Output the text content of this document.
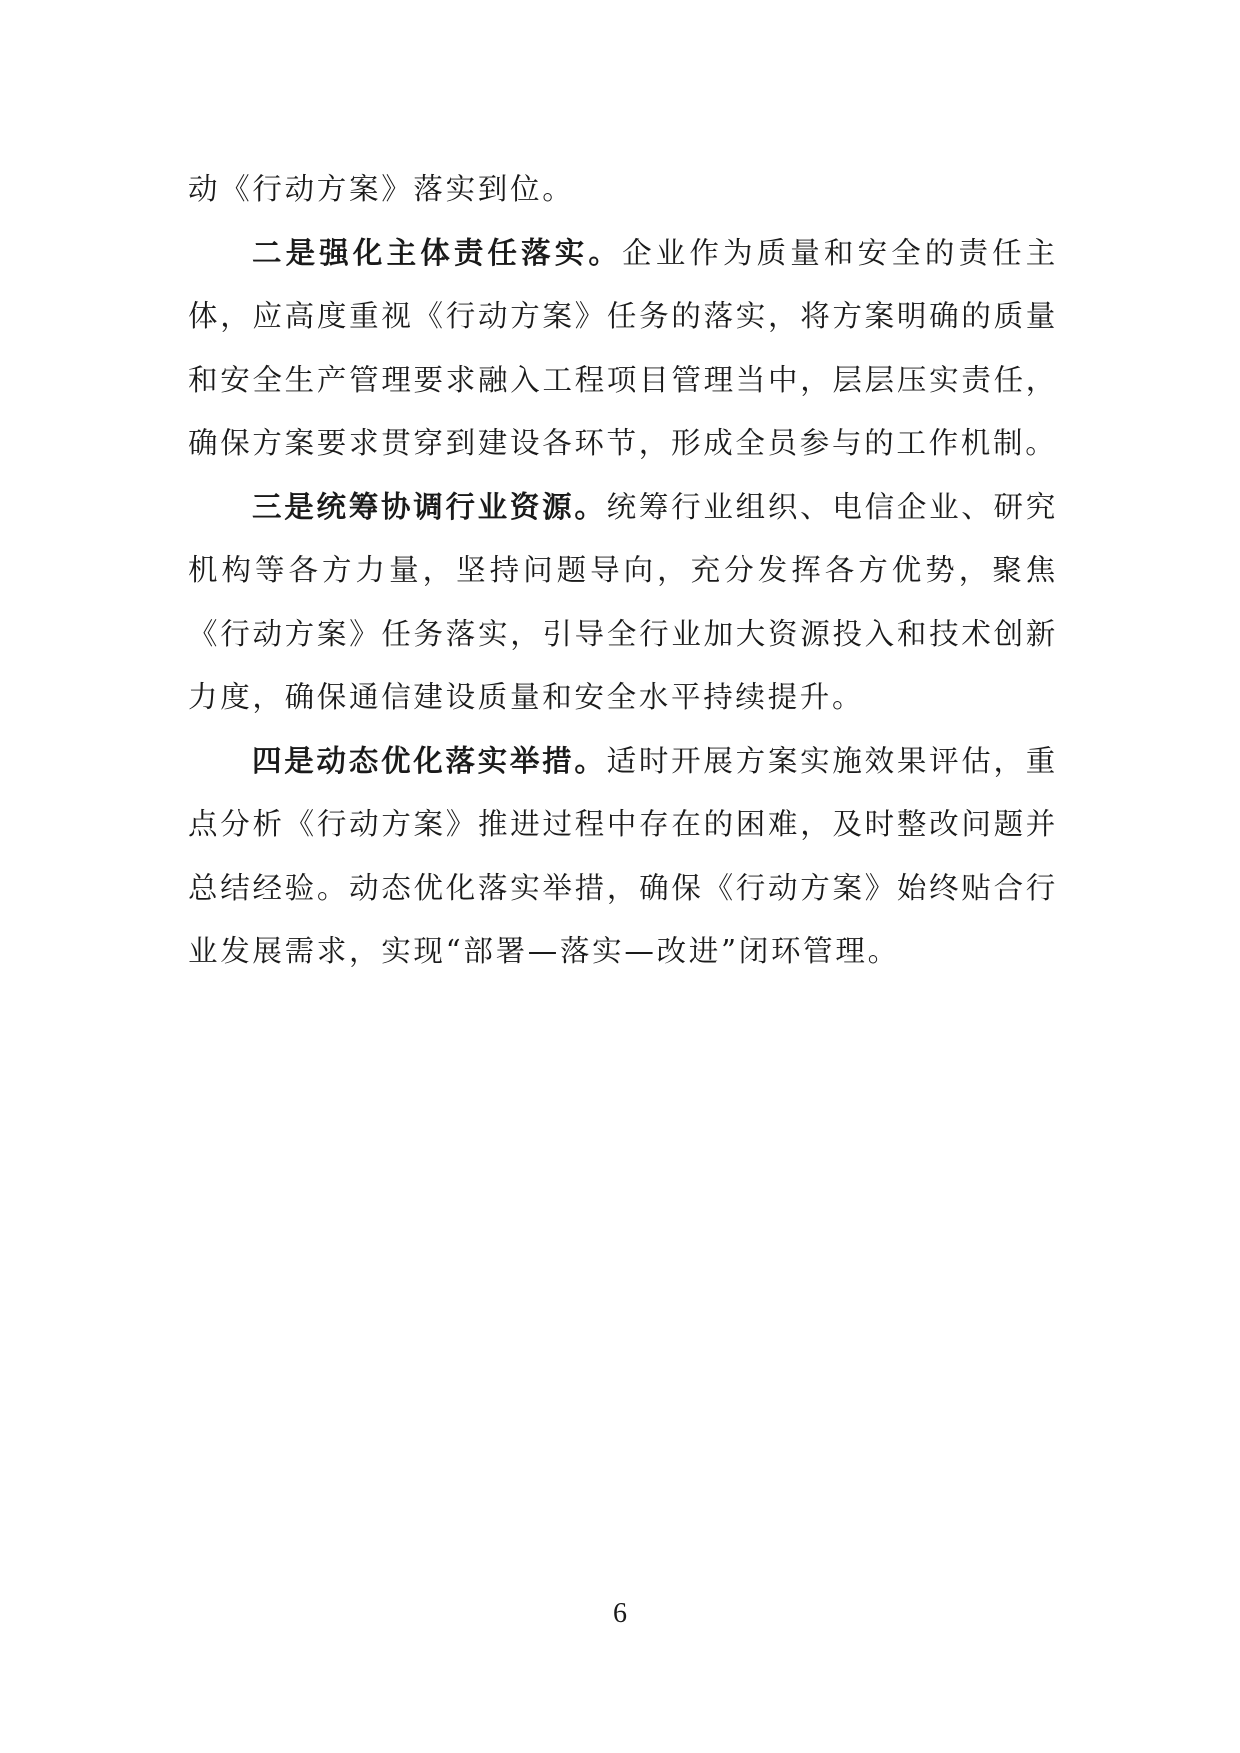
动《行动方案》落实到位。

二是强化主体责任落实。企业作为质量和安全的责任主体，应高度重视《行动方案》任务的落实，将方案明确的质量和安全生产管理要求融入工程项目管理当中，层层压实责任，确保方案要求贯穿到建设各环节，形成全员参与的工作机制。

三是统筹协调行业资源。统筹行业组织、电信企业、研究机构等各方力量，坚持问题导向，充分发挥各方优势，聚焦《行动方案》任务落实，引导全行业加大资源投入和技术创新力度，确保通信建设质量和安全水平持续提升。

四是动态优化落实举措。适时开展方案实施效果评估，重点分析《行动方案》推进过程中存在的困难，及时整改问题并总结经验。动态优化落实举措，确保《行动方案》始终贴合行业发展需求，实现“部署—落实—改进”闭环管理。

6
